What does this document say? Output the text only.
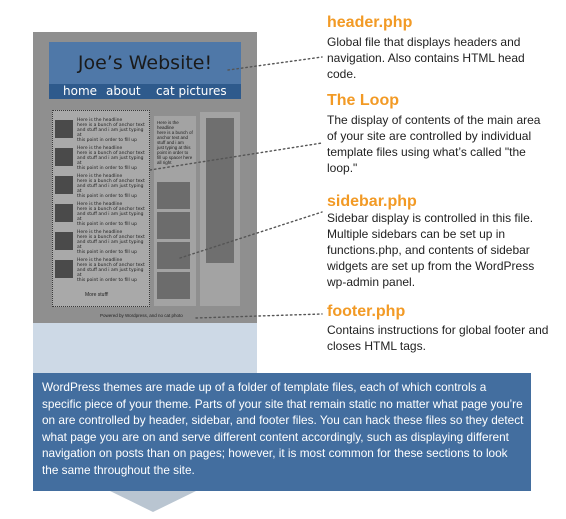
Joe’s Website!
home about cat pictures
Here is the headline
here is a bunch of anchor text
and stuff and i am just typing at
this point in order to fill up
Here is the headline
here is a bunch of anchor text
and stuff and i am just typing at
this point in order to fill up
Here is the headline
here is a bunch of anchor text
and stuff and i am just typing at
this point in order to fill up
Here is the headline
here is a bunch of anchor text
and stuff and i am just typing at
this point in order to fill up
Here is the headline
here is a bunch of anchor text
and stuff and i am just typing at
this point in order to fill up
Here is the headline
here is a bunch of anchor text
and stuff and i am just typing at
this point in order to fill up
More stuff!
Here is the
headline
here is a bunch of
anchor text and
stuff and i am
just typing at this
point in order to
fill up space! here
all right
Powered by Wordpress, and no cat photo
header.php
Global file that displays headers and navigation. Also contains HTML head code.
The Loop
The display of contents of the main area of your site are controlled by individual template files using what’s called "the loop."
sidebar.php
Sidebar display is controlled in this file. Multiple sidebars can be set up in functions.php, and contents of sidebar widgets are set up from the WordPress wp-admin panel.
footer.php
Contains instructions for global footer and closes HTML tags.
WordPress themes are made up of a folder of template files, each of which controls a specific piece of your theme. Parts of your site that remain static no matter what page you’re on are controlled by header, sidebar, and footer files. You can hack these files so they detect what page you are on and serve different content accordingly, such as displaying different navigation on posts than on pages; however, it is most common for these sections to look the same throughout the site.
